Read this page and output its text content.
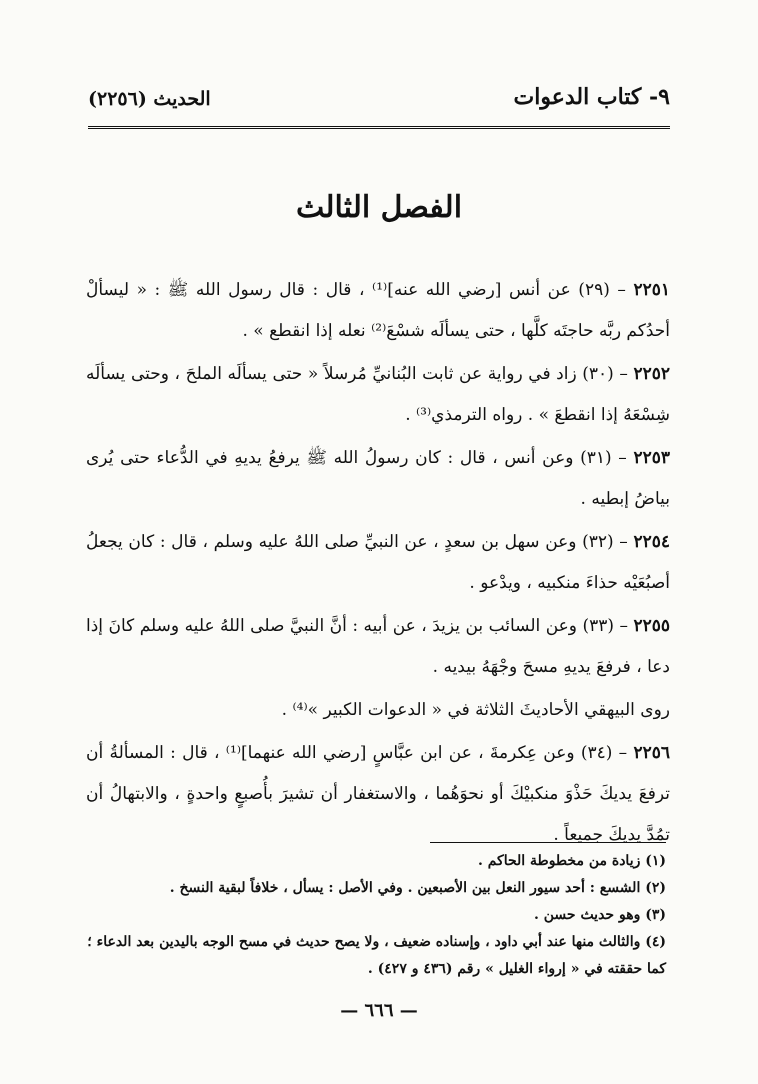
٩- كتاب الدعوات
الحديث (٢٢٥٦)
الفصل الثالث

٢٢٥١ – (٢٩) عن أنس [رضي الله عنه]⁽¹⁾ ، قال : قال رسول الله ﷺ : « ليسألْ أحدُكم ربَّه حاجتَه كلَّها ، حتى يسألَه شسْعَ⁽²⁾ نعله إذا انقطع » .

٢٢٥٢ – (٣٠) زاد في رواية عن ثابت البُنانيِّ مُرسلاً « حتى يسألَه الملحَ ، وحتى يسألَه شِسْعَهُ إذا انقطعَ » . رواه الترمذي⁽³⁾ .

٢٢٥٣ – (٣١) وعن أنس ، قال : كان رسولُ الله ﷺ يرفعُ يديهِ في الدُّعاء حتى يُرى بياضُ إبطيه .

٢٢٥٤ – (٣٢) وعن سهل بن سعدٍ ، عن النبيِّ صلى اللهُ عليه وسلم ، قال : كان يجعلُ أصبُعَيْه حذاءَ منكبيه ، ويدْعو .

٢٢٥٥ – (٣٣) وعن السائب بن يزيدَ ، عن أبيه : أنَّ النبيَّ صلى اللهُ عليه وسلم كانَ إذا دعا ، فرفعَ يديهِ مسحَ وجْهَهُ بيديه .

روى البيهقي الأحاديثَ الثلاثة في « الدعوات الكبير »⁽⁴⁾ .

٢٢٥٦ – (٣٤) وعن عِكرمةَ ، عن ابن عبَّاسٍ [رضي الله عنهما]⁽¹⁾ ، قال : المسألةُ أن ترفعَ يديكَ حَذْوَ منكبيْكَ أو نحوَهُما ، والاستغفار أن تشيرَ بأُصبعٍ واحدةٍ ، والابتهالُ أن تمُدَّ يديكَ جميعاً .

(١) زيادة من مخطوطة الحاكم .
(٢) الشسع : أحد سيور النعل بين الأصبعين . وفي الأصل : يسأل ، خلافاً لبقية النسخ .
(٣) وهو حديث حسن .
(٤) والثالث منها عند أبي داود ، وإسناده ضعيف ، ولا يصح حديث في مسح الوجه باليدين بعد الدعاء ؛ كما حققته في « إرواء الغليل » رقم (٤٣٦ و ٤٢٧) .
— ٦٦٦ —
